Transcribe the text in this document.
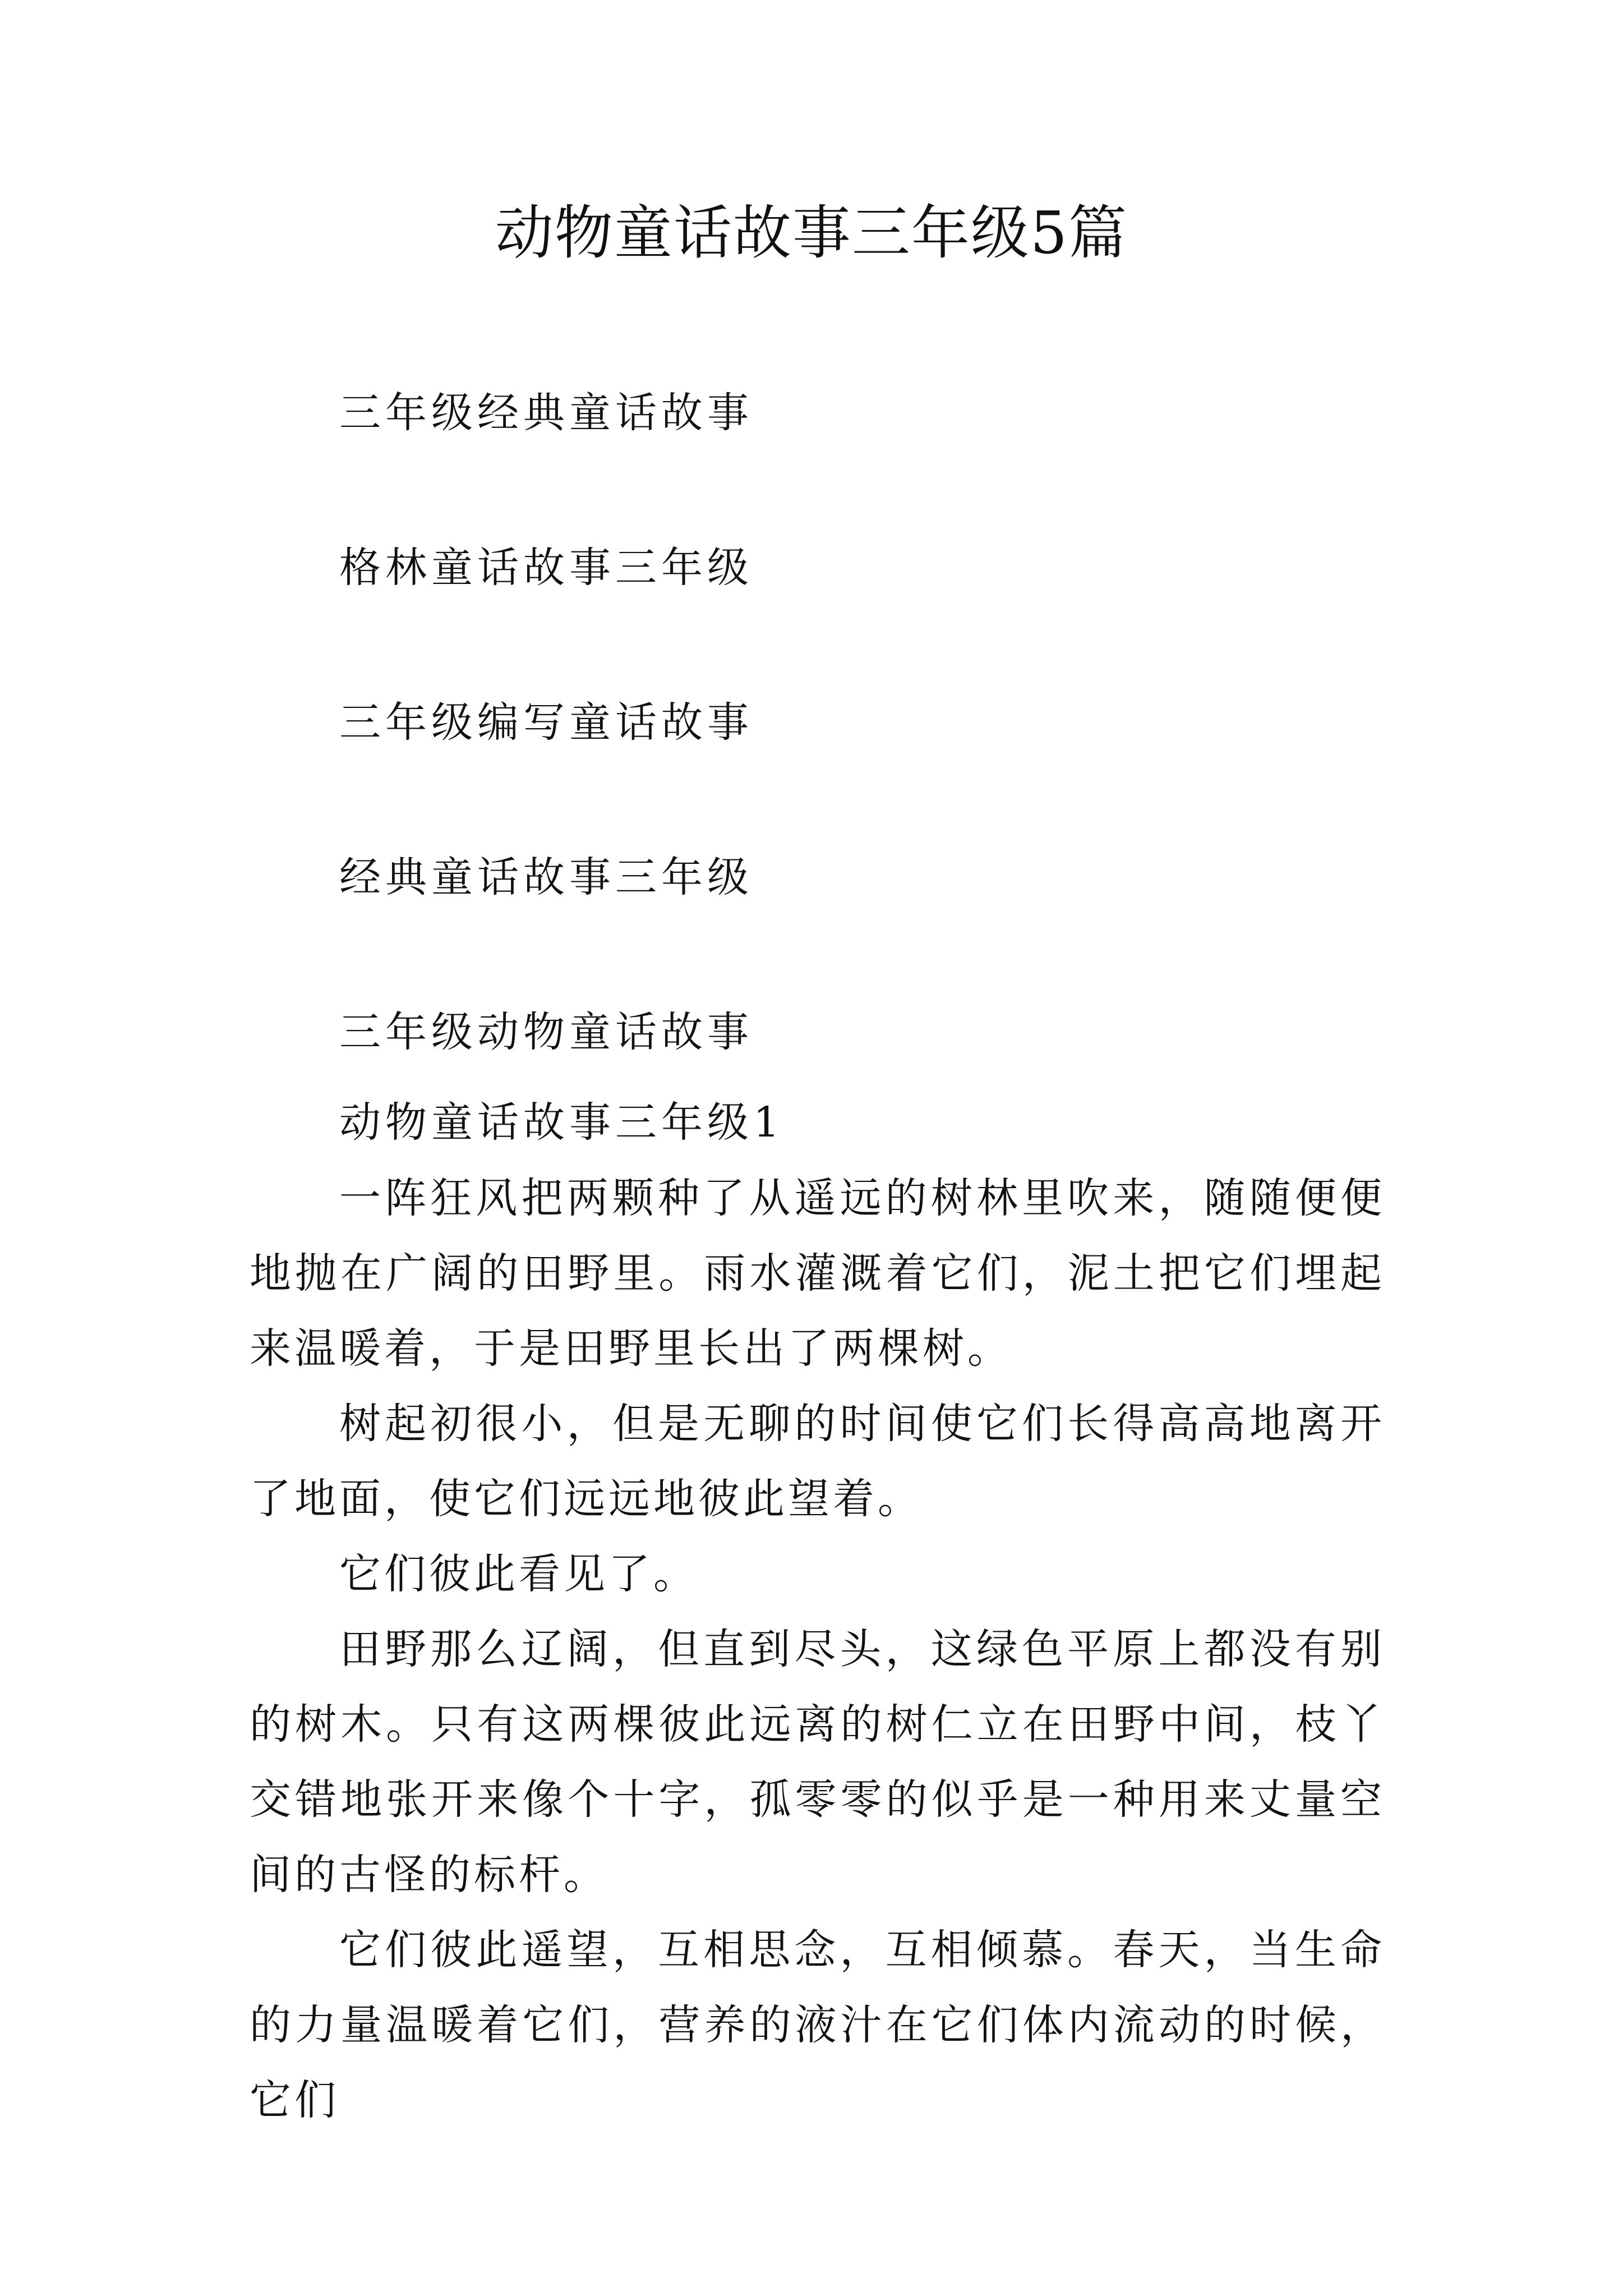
动物童话故事三年级5篇
三年级经典童话故事
格林童话故事三年级
三年级编写童话故事
经典童话故事三年级
三年级动物童话故事
动物童话故事三年级1

一阵狂风把两颗种了从遥远的树林里吹来，随随便便地抛在广阔的田野里。雨水灌溉着它们，泥土把它们埋起来温暖着，于是田野里长出了两棵树。

树起初很小，但是无聊的时间使它们长得高高地离开了地面，使它们远远地彼此望着。

它们彼此看见了。

田野那么辽阔，但直到尽头，这绿色平原上都没有别的树木。只有这两棵彼此远离的树仁立在田野中间，枝丫交错地张开来像个十字，孤零零的似乎是一种用来丈量空间的古怪的标杆。

它们彼此遥望，互相思念，互相倾慕。春天，当生命的力量温暖着它们，营养的液汁在它们体内流动的时候，它们
